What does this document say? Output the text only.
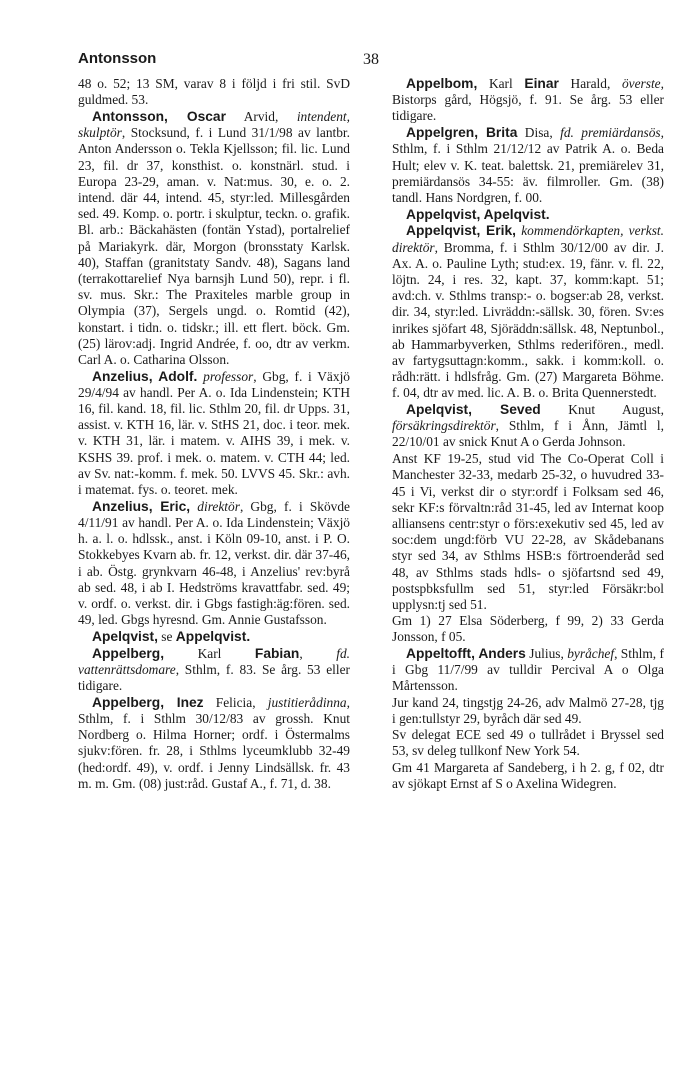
Antonsson	38

48 o. 52; 13 SM, varav 8 i följd i fri stil. SvD guldmed. 53.

Antonsson, Oscar Arvid, intendent, skulptör, Stocksund, f. i Lund 31/1/98 av lantbr. Anton Andersson o. Tekla Kjellsson; fil. lic. Lund 23, fil. dr 37, konsthist. o. konstnärl. stud. i Europa 23-29, aman. v. Nat:mus. 30, e. o. 2. intend. där 44, intend. 45, styr:led. Millesgården sed. 49. Komp. o. portr. i skulptur, teckn. o. grafik. Bl. arb.: Bäckahästen (fontän Ystad), portalrelief på Mariakyrk. där, Morgon (bronsstaty Karlsk. 40), Staffan (granitstaty Sandv. 48), Sagans land (terrakottarelief Nya barnsjh Lund 50), repr. i fl. sv. mus. Skr.: The Praxiteles marble group in Olympia (37), Sergels ungd. o. Romtid (42), konstart. i tidn. o. tidskr.; ill. ett flert. böck. Gm. (25) lärov:adj. Ingrid Andrée, f. oo, dtr av verkm. Carl A. o. Catharina Olsson.

Anzelius, Adolf. professor, Gbg, f. i Växjö 29/4/94 av handl. Per A. o. Ida Lindenstein; KTH 16, fil. kand. 18, fil. lic. Sthlm 20, fil. dr Upps. 31, assist. v. KTH 16, lär. v. StHS 21, doc. i teor. mek. v. KTH 31, lär. i matem. v. AIHS 39, i mek. v. KSHS 39. prof. i mek. o. matem. v. CTH 44; led. av Sv. nat:-komm. f. mek. 50. LVVS 45. Skr.: avh. i matemat. fys. o. teoret. mek.

Anzelius, Eric, direktör, Gbg, f. i Skövde 4/11/91 av handl. Per A. o. Ida Lindenstein; Växjö h. a. l. o. hdlssk., anst. i Köln 09-10, anst. i P. O. Stokkebyes Kvarn ab. fr. 12, verkst. dir. där 37-46, i ab. Östg. grynkvarn 46-48, i Anzelius' rev:byrå ab sed. 48, i ab I. Hedströms kravattfabr. sed. 49; v. ordf. o. verkst. dir. i Gbgs fastigh:äg:fören. sed. 49, led. Gbgs hyresnd. Gm. Annie Gustafsson.

Apelqvist, se Appelqvist.

Appelberg, Karl Fabian, fd. vattenrättsdomare, Sthlm, f. 83. Se årg. 53 eller tidigare.

Appelberg, Inez Felicia, justitierådinna, Sthlm, f. i Sthlm 30/12/83 av grossh. Knut Nordberg o. Hilma Horner; ordf. i Östermalms sjukv:fören. fr. 28, i Sthlms lyceumklubb 32-49 (hed:ordf. 49), v. ordf. i Jenny Lindsällsk. fr. 43 m. m. Gm. (08) just:råd. Gustaf A., f. 71, d. 38.

Appelbom, Karl Einar Harald, överste, Bistorps gård, Högsjö, f. 91. Se årg. 53 eller tidigare.

Appelgren, Brita Disa, fd. premiärdansös, Sthlm, f. i Sthlm 21/12/12 av Patrik A. o. Beda Hult; elev v. K. teat. balettsk. 21, premiärelev 31, premiärdansös 34-55: äv. filmroller. Gm. (38) tandl. Hans Nordgren, f. 00.

Appelqvist, Apelqvist.

Appelqvist, Erik, kommendörkapten, verkst. direktör, Bromma, f. i Sthlm 30/12/00 av dir. J. Ax. A. o. Pauline Lyth; stud:ex. 19, fänr. v. fl. 22, löjtn. 24, i res. 32, kapt. 37, komm:kapt. 51; avd:ch. v. Sthlms transp:- o. bogser:ab 28, verkst. dir. 34, styr:led. Livräddn:-sällsk. 30, fören. Sv:es inrikes sjöfart 48, Sjöräddn:sällsk. 48, Neptunbol., ab Hammarbyverken, Sthlms rederifören., medl. av fartygsuttagn:komm., sakk. i komm:koll. o. rådh:rätt. i hdlsfråg. Gm. (27) Margareta Böhme. f. 04, dtr av med. lic. A. B. o. Brita Quennerstedt.

Apelqvist, Seved Knut August, försäkringsdirektör, Sthlm, f i Ånn, Jämtl l, 22/10/01 av snick Knut A o Gerda Johnson.

Anst KF 19-25, stud vid The Co-Operat Coll i Manchester 32-33, medarb 25-32, o huvudred 33-45 i Vi, verkst dir o styr:ordf i Folksam sed 46, sekr KF:s förvaltn:råd 31-45, led av Internat koop alliansens centr:styr o förs:exekutiv sed 45, led av soc:dem ungd:förb VU 22-28, av Skådebanans styr sed 34, av Sthlms HSB:s förtroenderåd sed 48, av Sthlms stads hdls- o sjöfartsnd sed 49, postspbksfullm sed 51, styr:led Försäkr:bol upplysn:tj sed 51.

Gm 1) 27 Elsa Söderberg, f 99, 2) 33 Gerda Jonsson, f 05.

Appeltofft, Anders Julius, byråchef, Sthlm, f i Gbg 11/7/99 av tulldir Percival A o Olga Mårtensson.

Jur kand 24, tingstjg 24-26, adv Malmö 27-28, tjg i gen:tullstyr 29, byråch där sed 49.

Sv delegat ECE sed 49 o tullrådet i Bryssel sed 53, sv deleg tullkonf New York 54.

Gm 41 Margareta af Sandeberg, i h 2. g, f 02, dtr av sjökapt Ernst af S o Axelina Widegren.
